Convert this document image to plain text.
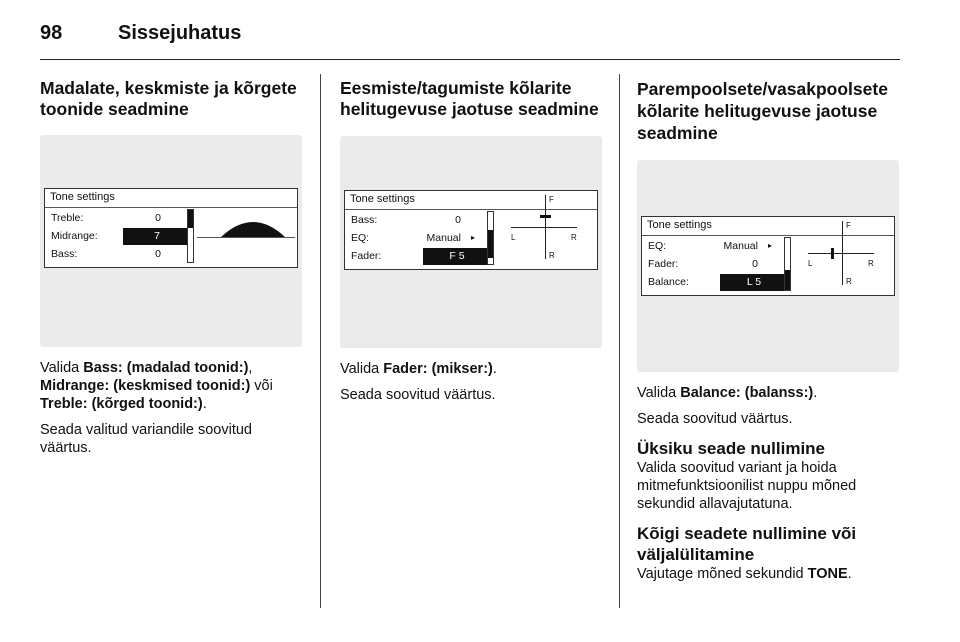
98	Sissejuhatus
Madalate, keskmiste ja kõrgete toonide seadmine
Tone settings
Treble:	0
Midrange:	7
Bass:	0
Valida Bass: (madalad toonid:), Midrange: (keskmised toonid:) või Treble: (kõrged toonid:).
Seada valitud variandile soovitud väärtus.
Eesmiste/tagumiste kõlarite helitugevuse jaotuse seadmine
Tone settings
Bass:	0
EQ:	Manual ▸
Fader:	F 5
F
R
L	R
Valida Fader: (mikser:).
Seada soovitud väärtus.
Parempoolsete/vasakpoolsete kõlarite helitugevuse jaotuse seadmine
Tone settings
EQ:	Manual ▸
Fader:	0
Balance:	L 5
F
R
L	R
Valida Balance: (balanss:).
Seada soovitud väärtus.
Üksiku seade nullimine
Valida soovitud variant ja hoida mitmefunktsioonilist nuppu mõned sekundid allavajutatuna.
Kõigi seadete nullimine või väljalülitamine
Vajutage mõned sekundid TONE.
